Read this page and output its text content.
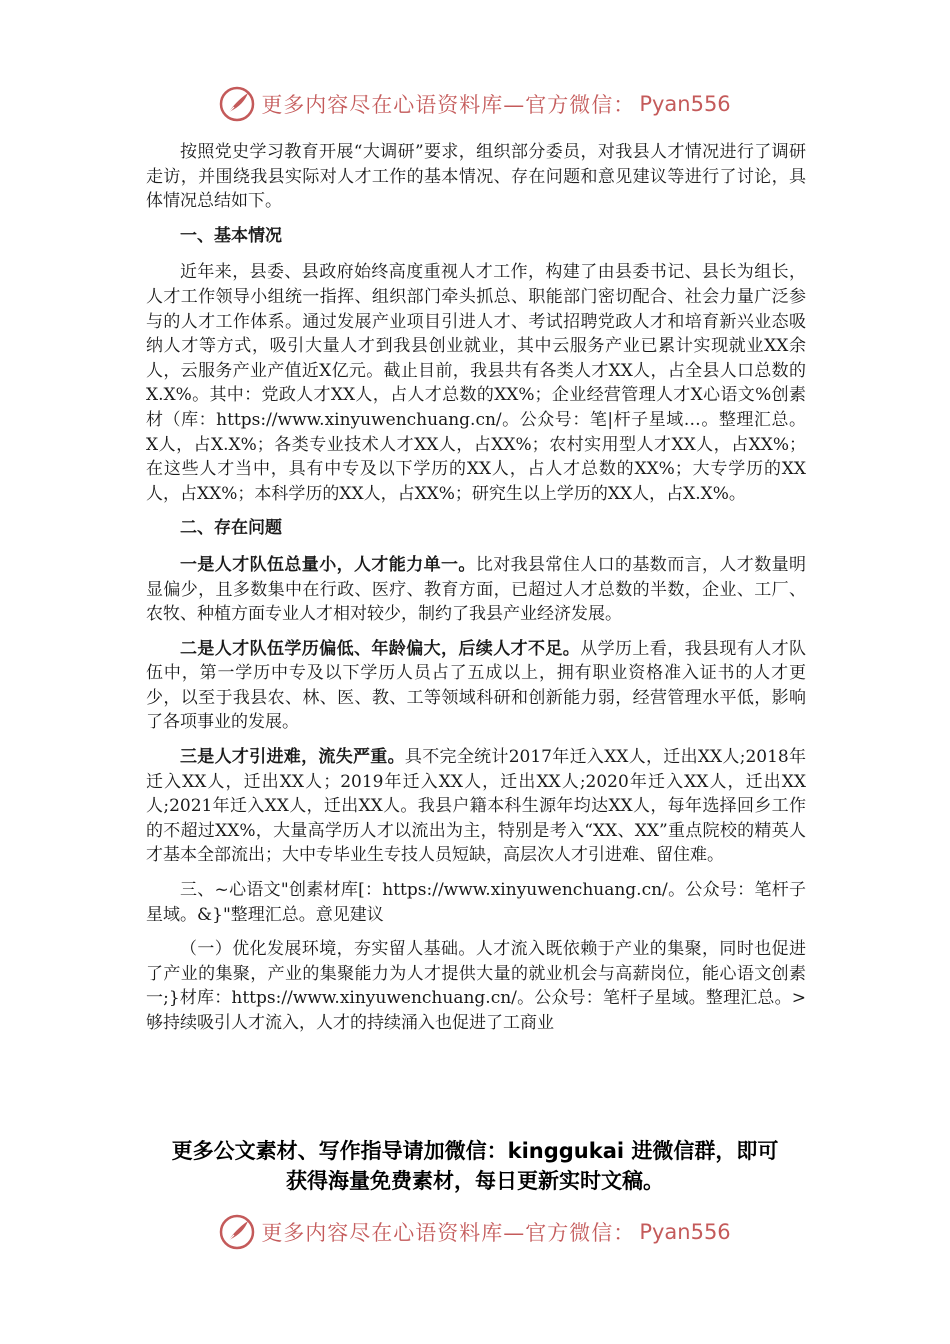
更多内容尽在心语资料库—官方微信： Pyan556

按照党史学习教育开展“大调研”要求，组织部分委员，对我县人才情况进行了调研走访，并围绕我县实际对人才工作的基本情况、存在问题和意见建议等进行了讨论，具体情况总结如下。

一、基本情况

近年来，县委、县政府始终高度重视人才工作，构建了由县委书记、县长为组长，人才工作领导小组统一指挥、组织部门牵头抓总、职能部门密切配合、社会力量广泛参与的人才工作体系。通过发展产业项目引进人才、考试招聘党政人才和培育新兴业态吸纳人才等方式，吸引大量人才到我县创业就业，其中云服务产业已累计实现就业XX余人，云服务产业产值近X亿元。截止目前，我县共有各类人才XX人，占全县人口总数的X.X%。其中：党政人才XX人，占人才总数的XX%；企业经营管理人才X心语文%创素材（库：https://www.xinyuwenchuang.cn/。公众号：笔|杆子星域…。整理汇总。X人，占X.X%；各类专业技术人才XX人，占XX%；农村实用型人才XX人，占XX%；在这些人才当中，具有中专及以下学历的XX人，占人才总数的XX%；大专学历的XX人，占XX%；本科学历的XX人，占XX%；研究生以上学历的XX人，占X.X%。

二、存在问题

一是人才队伍总量小，人才能力单一。比对我县常住人口的基数而言，人才数量明显偏少，且多数集中在行政、医疗、教育方面，已超过人才总数的半数，企业、工厂、农牧、种植方面专业人才相对较少，制约了我县产业经济发展。

二是人才队伍学历偏低、年龄偏大，后续人才不足。从学历上看，我县现有人才队伍中，第一学历中专及以下学历人员占了五成以上，拥有职业资格准入证书的人才更少，以至于我县农、林、医、教、工等领域科研和创新能力弱，经营管理水平低，影响了各项事业的发展。

三是人才引进难，流失严重。具不完全统计2017年迁入XX人，迁出XX人;2018年迁入XX人，迁出XX人；2019年迁入XX人，迁出XX人;2020年迁入XX人，迁出XX人;2021年迁入XX人，迁出XX人。我县户籍本科生源年均达XX人，每年选择回乡工作的不超过XX%，大量高学历人才以流出为主，特别是考入“XX、XX”重点院校的精英人才基本全部流出；大中专毕业生专技人员短缺，高层次人才引进难、留住难。

三、~心语文"创素材库[：https://www.xinyuwenchuang.cn/。公众号：笔杆子星域。&}"整理汇总。意见建议

（一）优化发展环境，夯实留人基础。人才流入既依赖于产业的集聚，同时也促进了产业的集聚，产业的集聚能力为人才提供大量的就业机会与高薪岗位，能心语文创素一;}材库：https://www.xinyuwenchuang.cn/。公众号：笔杆子星域。整理汇总。>够持续吸引人才流入，人才的持续涌入也促进了工商业

更多公文素材、写作指导请加微信：kinggukai 进微信群，即可
获得海量免费素材，每日更新实时文稿。
更多内容尽在心语资料库—官方微信： Pyan556
